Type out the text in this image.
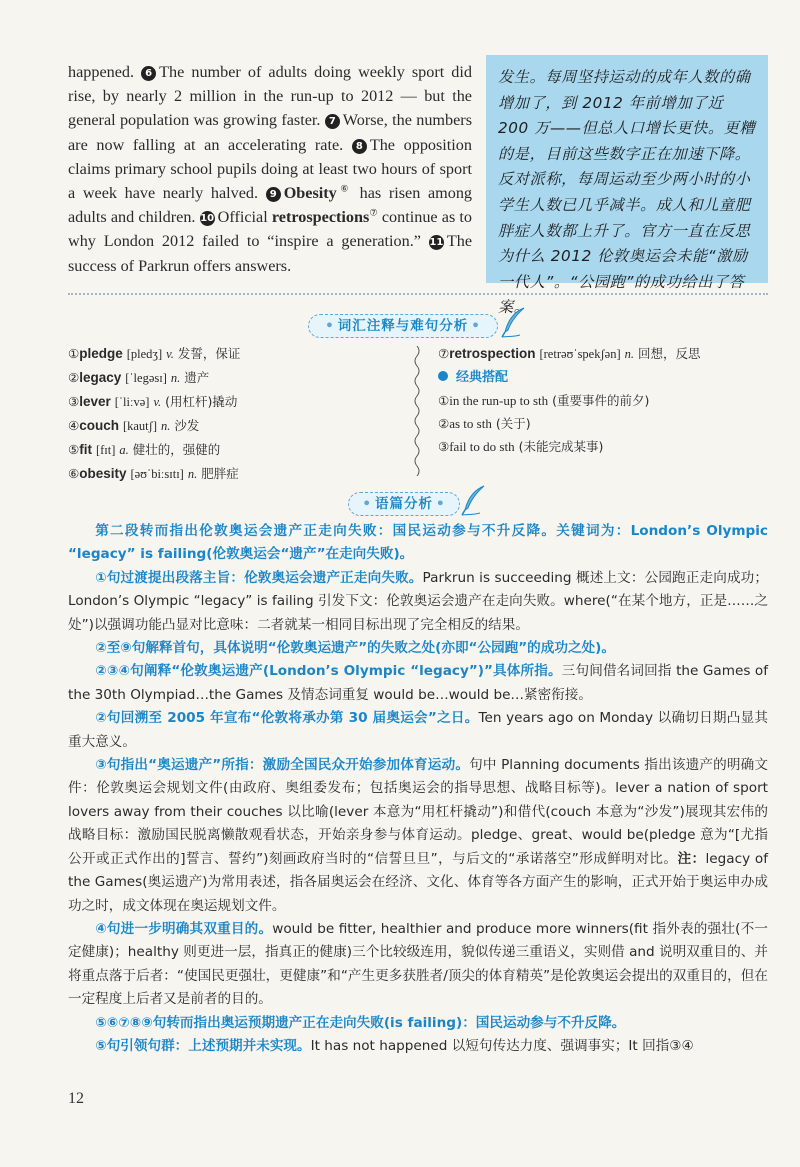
happened. 6 The number of adults doing weekly sport did rise, by nearly 2 million in the run-up to 2012 — but the general population was growing faster. 7 Worse, the numbers are now falling at an accelerating rate. 8 The opposition claims primary school pupils doing at least two hours of sport a week have nearly halved. 9 Obesity⑥ has risen among adults and children. 10 Official retrospections⑦ continue as to why London 2012 failed to “inspire a generation.” 11 The success of Parkrun offers answers.
发生。每周坚持运动的成年人数的确增加了，到 2012 年前增加了近 200 万——但总人口增长更快。更糟的是，目前这些数字正在加速下降。反对派称，每周运动至少两小时的小学生人数已几乎减半。成人和儿童肥胖症人数都上升了。官方一直在反思为什么 2012 伦敦奥运会未能“激励一代人”。“公园跑”的成功给出了答案。
• 词汇注释与难句分析 •
①pledge [pledʒ] v. 发誓，保证
②legacy [ˈlegəsɪ] n. 遗产
③lever [ˈliːvə] v. (用杠杆)撬动
④couch [kautʃ] n. 沙发
⑤fit [fɪt] a. 健壮的，强健的
⑥obesity [əʊˈbiːsɪtɪ] n. 肥胖症
⑦retrospection [retrəʊˈspekʃən] n. 回想，反思
经典搭配
①in the run-up to sth (重要事件的前夕)
②as to sth (关于)
③fail to do sth (未能完成某事)
• 语篇分析 •

第二段转而指出伦敦奥运会遗产正走向失败：国民运动参与不升反降。关键词为：London’s Olympic “legacy” is failing(伦敦奥运会“遗产”在走向失败)。

①句过渡提出段落主旨：伦敦奥运会遗产正走向失败。Parkrun is succeeding 概述上文：公园跑正走向成功；London’s Olympic “legacy” is failing 引发下文：伦敦奥运会遗产在走向失败。where(“在某个地方，正是……之处”)以强调功能凸显对比意味：二者就某一相同目标出现了完全相反的结果。

②至⑨句解释首句，具体说明“伦敦奥运遗产”的失败之处(亦即“公园跑”的成功之处)。

②③④句阐释“伦敦奥运遗产(London’s Olympic “legacy”)”具体所指。三句间借名词回指 the Games of the 30th Olympiad…the Games 及情态词重复 would be…would be…紧密衔接。

②句回溯至 2005 年宣布“伦敦将承办第 30 届奥运会”之日。Ten years ago on Monday 以确切日期凸显其重大意义。

③句指出“奥运遗产”所指：激励全国民众开始参加体育运动。句中 Planning documents 指出该遗产的明确文件：伦敦奥运会规划文件(由政府、奥组委发布；包括奥运会的指导思想、战略目标等)。lever a nation of sport lovers away from their couches 以比喻(lever 本意为“用杠杆撬动”)和借代(couch 本意为“沙发”)展现其宏伟的战略目标：激励国民脱离懒散观看状态，开始亲身参与体育运动。pledge、great、would be(pledge 意为“[尤指公开或正式作出的]誓言、誓约”)刻画政府当时的“信誓旦旦”，与后文的“承诺落空”形成鲜明对比。注：legacy of the Games(奥运遗产)为常用表述，指各届奥运会在经济、文化、体育等各方面产生的影响，正式开始于奥运申办成功之时，成文体现在奥运规划文件。

④句进一步明确其双重目的。would be fitter, healthier and produce more winners(fit 指外表的强壮(不一定健康)；healthy 则更进一层，指真正的健康)三个比较级连用，貌似传递三重语义，实则借 and 说明双重目的、并将重点落于后者：“使国民更强壮，更健康”和“产生更多获胜者/顶尖的体育精英”是伦敦奥运会提出的双重目的，但在一定程度上后者又是前者的目的。

⑤⑥⑦⑧⑨句转而指出奥运预期遗产正在走向失败(is failing)：国民运动参与不升反降。

⑤句引领句群：上述预期并未实现。It has not happened 以短句传达力度、强调事实；It 回指③④

12
